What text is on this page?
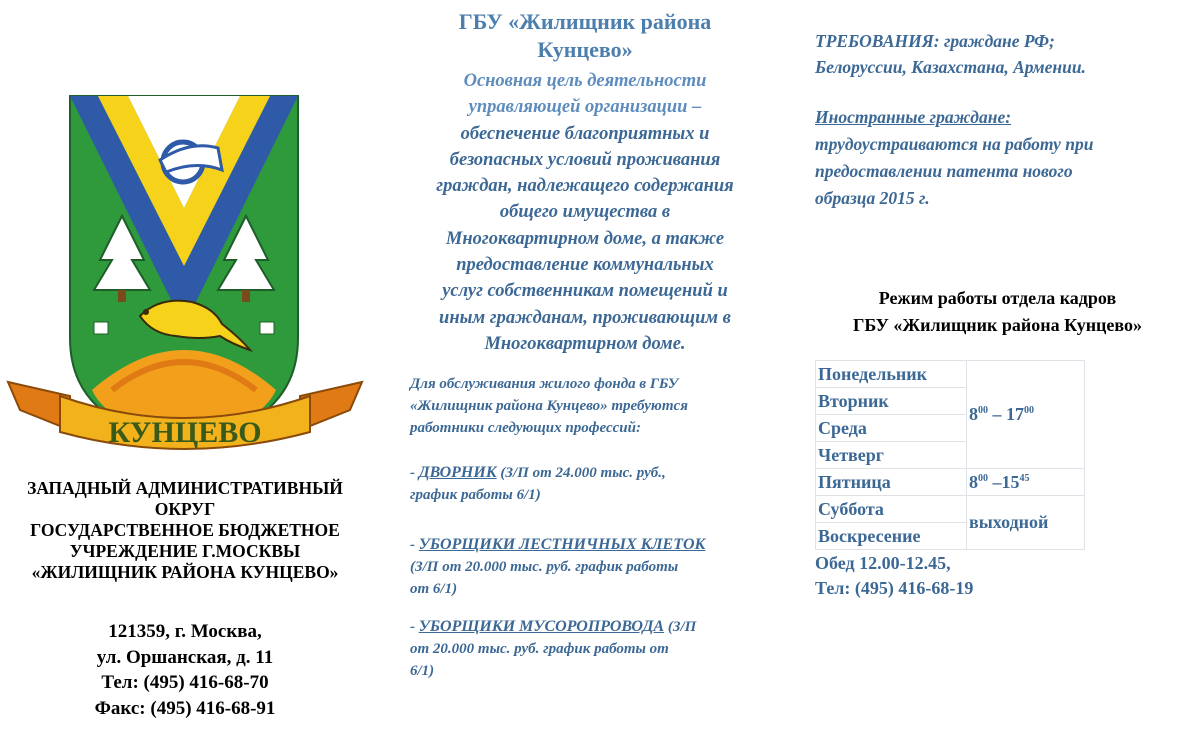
КУНЦЕВО
ЗАПАДНЫЙ АДМИНИСТРАТИВНЫЙ
ОКРУГ
ГОСУДАРСТВЕННОЕ БЮДЖЕТНОЕ
УЧРЕЖДЕНИЕ Г.МОСКВЫ
«ЖИЛИЩНИК РАЙОНА КУНЦЕВО»
121359, г. Москва,
ул. Оршанская, д. 11
Тел: (495) 416-68-70
Факс: (495) 416-68-91
ГБУ «Жилищник района
Кунцево»
Основная цель деятельности
управляющей организации –
обеспечение благоприятных и
безопасных условий проживания
граждан, надлежащего содержания
общего имущества в
Многоквартирном доме, а также
предоставление коммунальных
услуг собственникам помещений и
иным гражданам, проживающим в
Многоквартирном доме.
Для обслуживания жилого фонда в ГБУ
«Жилищник района Кунцево» требуются
работники следующих профессий:
- ДВОРНИК (З/П от 24.000 тыс. руб.,
график работы 6/1)
- УБОРЩИКИ ЛЕСТНИЧНЫХ КЛЕТОК
(З/П от 20.000 тыс. руб. график работы
от 6/1)
- УБОРЩИКИ МУСОРОПРОВОДА (З/П
от 20.000 тыс. руб. график работы от
6/1)
ТРЕБОВАНИЯ: граждане РФ;
Белоруссии, Казахстана, Армении.
Иностранные граждане:
трудоустраиваются на работу при
предоставлении патента нового
образца 2015 г.
Режим работы отдела кадров
ГБУ «Жилищник района Кунцево»
Понедельник	$8^{00} - 17^{00}$
Вторник	
Среда	
Четверг	
Пятница	$8^{00}$ $-15^{45}$
Суббота	выходной
Воскресение	
Обед 12.00-12.45,
Тел: (495) 416-68-19
